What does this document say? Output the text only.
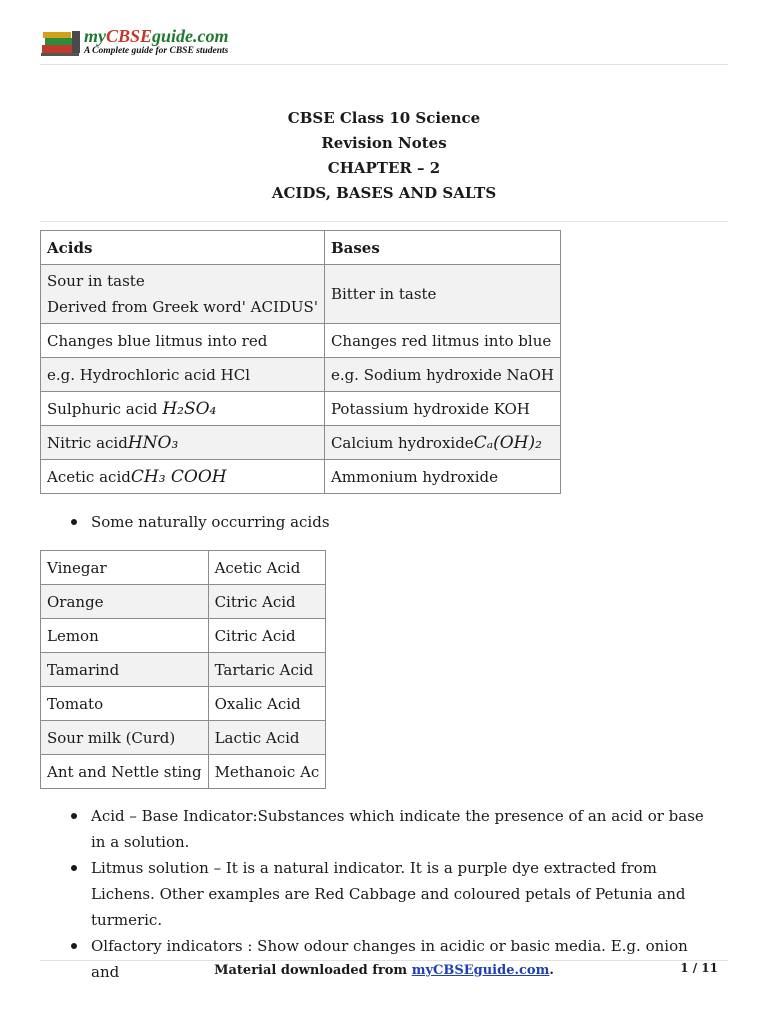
myCBSEguide.com
A Complete guide for CBSE students
CBSE Class 10 Science
Revision Notes
CHAPTER – 2
ACIDS, BASES AND SALTS
Acids	Bases

Sour in taste
Derived from Greek word' ACIDUS'	Bitter in taste
Changes blue litmus into red	Changes red litmus into blue
e.g. Hydrochloric acid HCl	e.g. Sodium hydroxide NaOH
Sulphuric acid H₂SO₄	Potassium hydroxide KOH
Nitric acidHNO₃	Calcium hydroxideCₐ(OH)₂
Acetic acidCH₃ COOH	Ammonium hydroxide
Some naturally occurring acids
Vinegar	Acetic Acid
Orange	Citric Acid
Lemon	Citric Acid
Tamarind	Tartaric Acid
Tomato	Oxalic Acid
Sour milk (Curd)	Lactic Acid
Ant and Nettle sting	Methanoic Ac
Acid – Base Indicator:Substances which indicate the presence of an acid or base in a solution.
Litmus solution – It is a natural indicator. It is a purple dye extracted from Lichens. Other examples are Red Cabbage and coloured petals of Petunia and turmeric.
Olfactory indicators : Show odour changes in acidic or basic media. E.g. onion and	Material downloaded from myCBSEguide.com.	1 / 11
